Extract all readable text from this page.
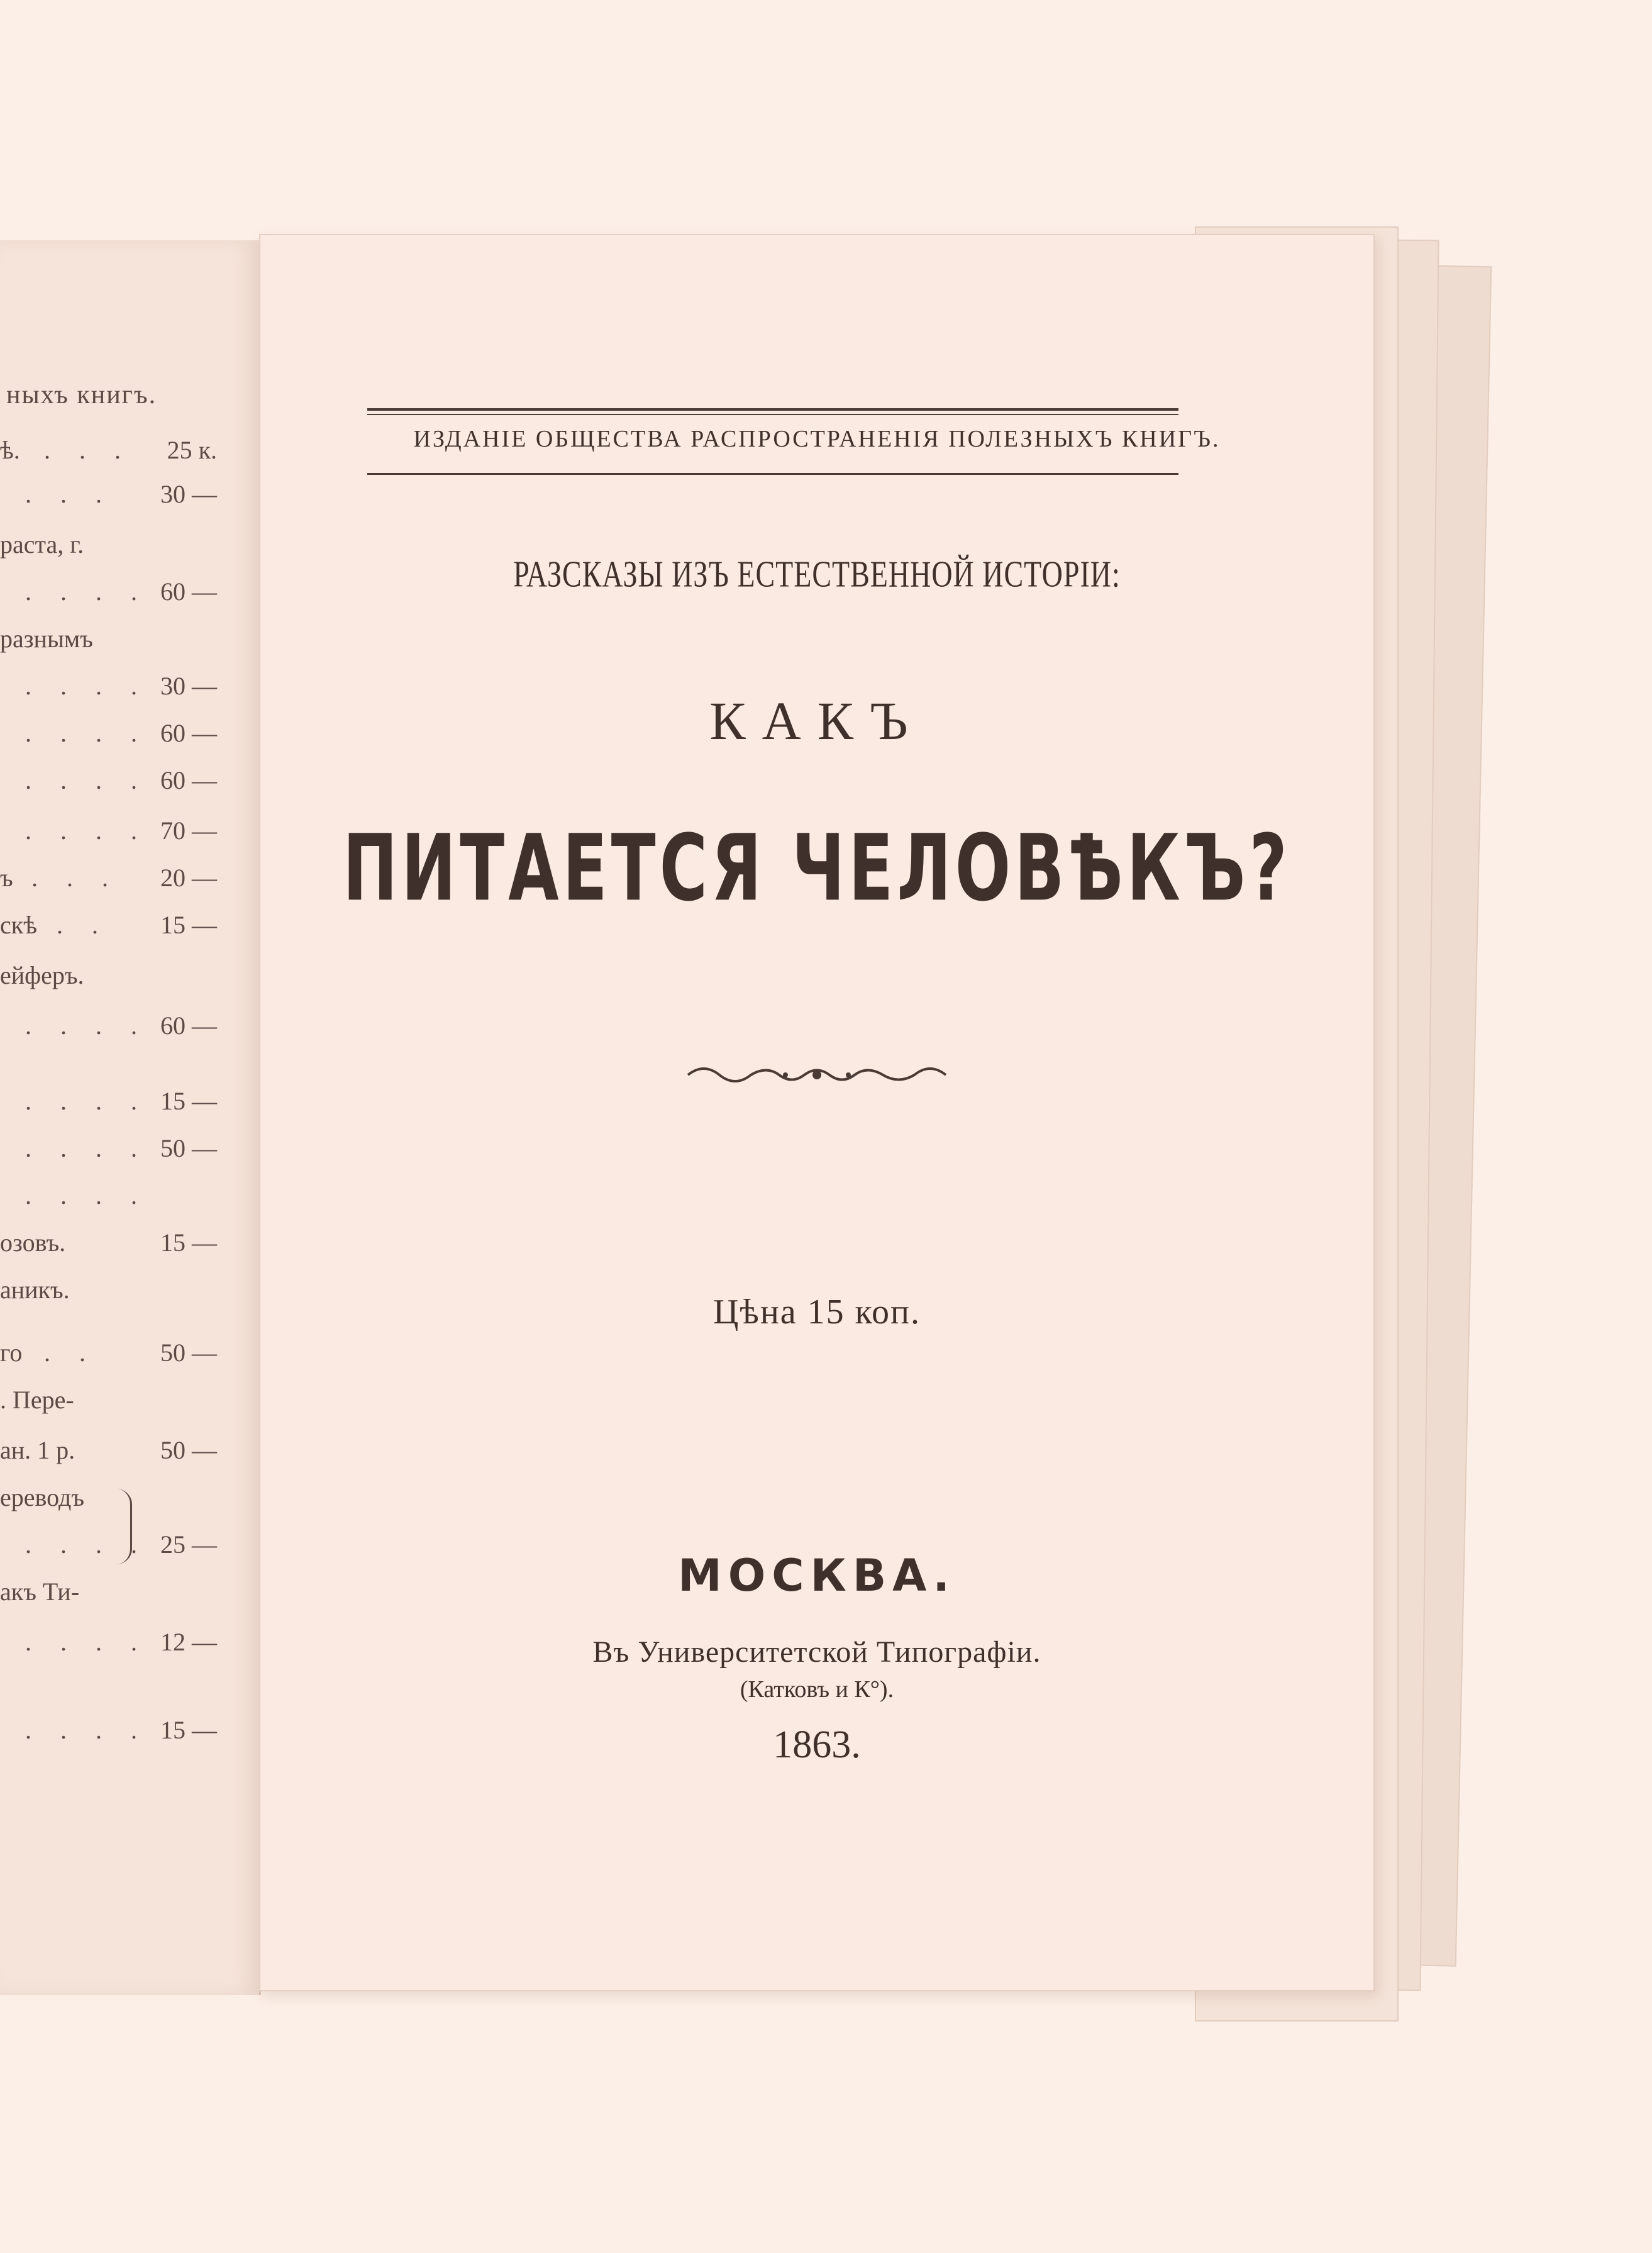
ныхъ книгъ.
ѣ. . . . 25 к.
. . . 30 —
раста, г.
. . . . 60 —
разнымъ
. . . . 30 —
. . . . 60 —
. . . . 60 —
. . . . 70 —
ъ . . . 20 —
скѣ . . 15 —
ейферъ.
. . . . 60 —
. . . . 15 —
. . . . 50 —
. . . .
озовъ.	15 —
аникъ.
го . .	50 —
. Пере-
ан. 1 р.	50 —
ереводъ
. . . . 25 —
акъ Ти-
. . . . 12 —
. . . . 15 —
ИЗДАНІЕ ОБЩЕСТВА РАСПРОСТРАНЕНІЯ ПОЛЕЗНЫХЪ КНИГЪ.
РАЗСКАЗЫ ИЗЪ ЕСТЕСТВЕННОЙ ИСТОРІИ:
КАКЪ
ПИТАЕТСЯ ЧЕЛОВѢКЪ?
Цѣна 15 коп.
МОСКВА.
Въ Университетской Типографіи.
(Катковъ и К°).
1863.
